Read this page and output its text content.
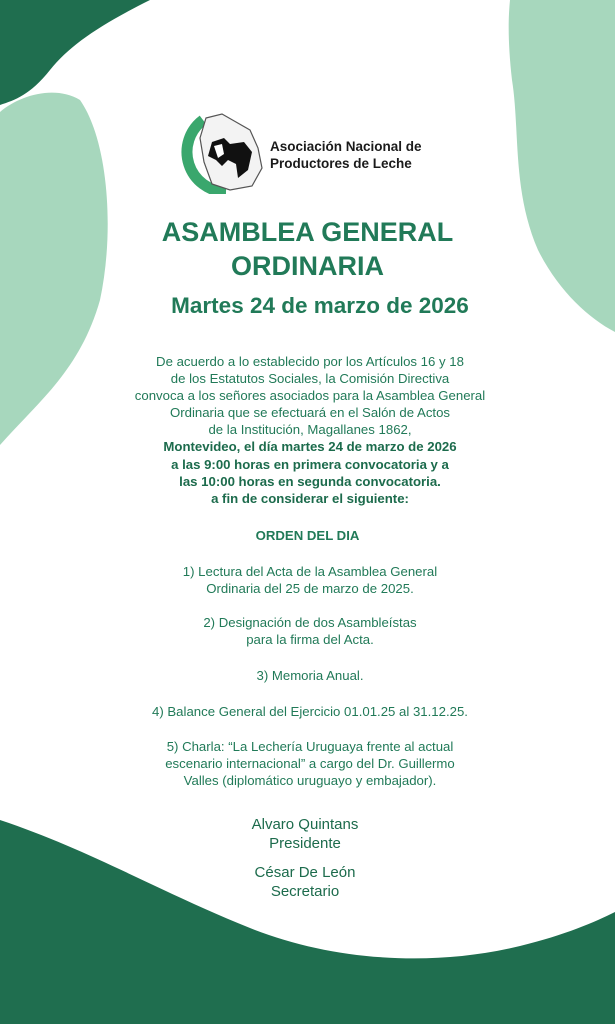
Asociación Nacional de
Productores de Leche
ASAMBLEA GENERAL
ORDINARIA
Martes 24 de marzo de 2026
De acuerdo a lo establecido por los Artículos 16 y 18
de los Estatutos Sociales, la Comisión Directiva
convoca a los señores asociados para la Asamblea General
Ordinaria que se efectuará en el Salón de Actos
de la Institución, Magallanes 1862,
Montevideo, el día martes 24 de marzo de 2026
a las 9:00 horas en primera convocatoria y a
las 10:00 horas en segunda convocatoria.
a fin de considerar el siguiente:
ORDEN DEL DIA
1) Lectura del Acta de la Asamblea General
Ordinaria del 25 de marzo de 2025.
2) Designación de dos Asambleístas
para la firma del Acta.
3) Memoria Anual.
4) Balance General del Ejercicio 01.01.25 al 31.12.25.
5) Charla: “La Lechería Uruguaya frente al actual
escenario internacional” a cargo del Dr. Guillermo
Valles (diplomático uruguayo y embajador).
Alvaro Quintans
Presidente
César De León
Secretario
